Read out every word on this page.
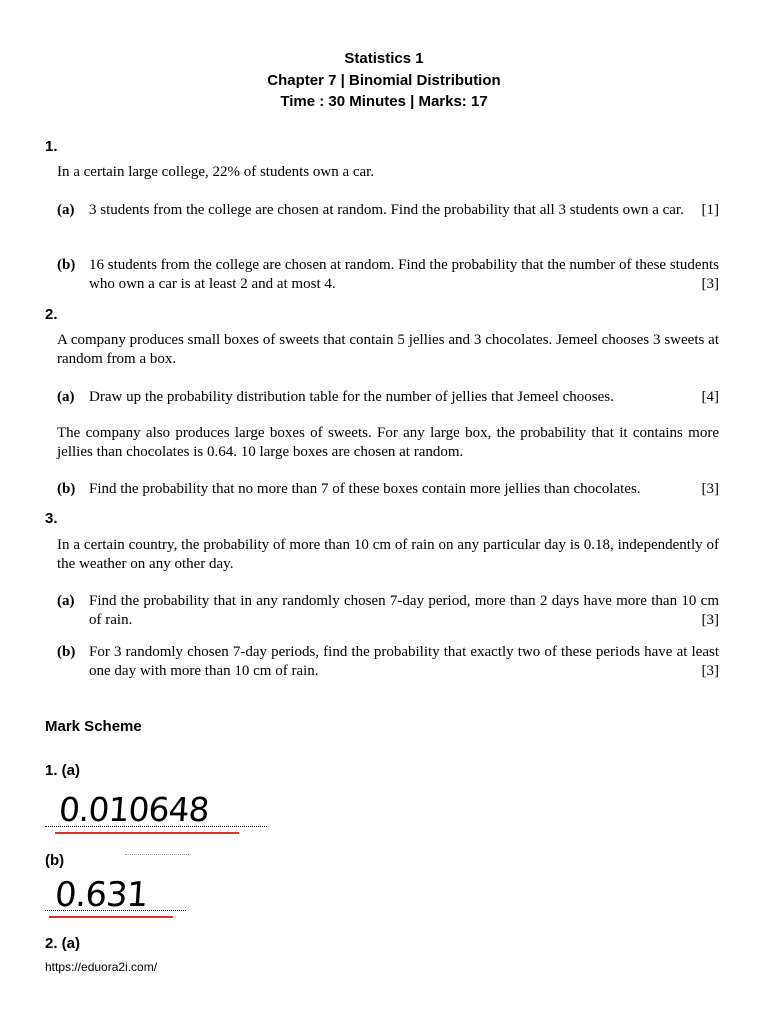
Statistics 1
Chapter 7 | Binomial Distribution
Time : 30 Minutes | Marks: 17
1.
In a certain large college, 22% of students own a car.
(a) 3 students from the college are chosen at random. Find the probability that all 3 students own a car. [1]
(b) 16 students from the college are chosen at random. Find the probability that the number of these students who own a car is at least 2 and at most 4.	[3]
2.
A company produces small boxes of sweets that contain 5 jellies and 3 chocolates. Jemeel chooses 3 sweets at random from a box.
(a) Draw up the probability distribution table for the number of jellies that Jemeel chooses.	[4]
The company also produces large boxes of sweets. For any large box, the probability that it contains more jellies than chocolates is 0.64. 10 large boxes are chosen at random.
(b) Find the probability that no more than 7 of these boxes contain more jellies than chocolates.	[3]
3.
In a certain country, the probability of more than 10 cm of rain on any particular day is 0.18, independently of the weather on any other day.
(a) Find the probability that in any randomly chosen 7-day period, more than 2 days have more than 10 cm of rain.	[3]
(b) For 3 randomly chosen 7-day periods, find the probability that exactly two of these periods have at least one day with more than 10 cm of rain.	[3]
Mark Scheme
1. (a)
0.010648
(b)
0.631
2. (a)
https://eduora2i.com/
